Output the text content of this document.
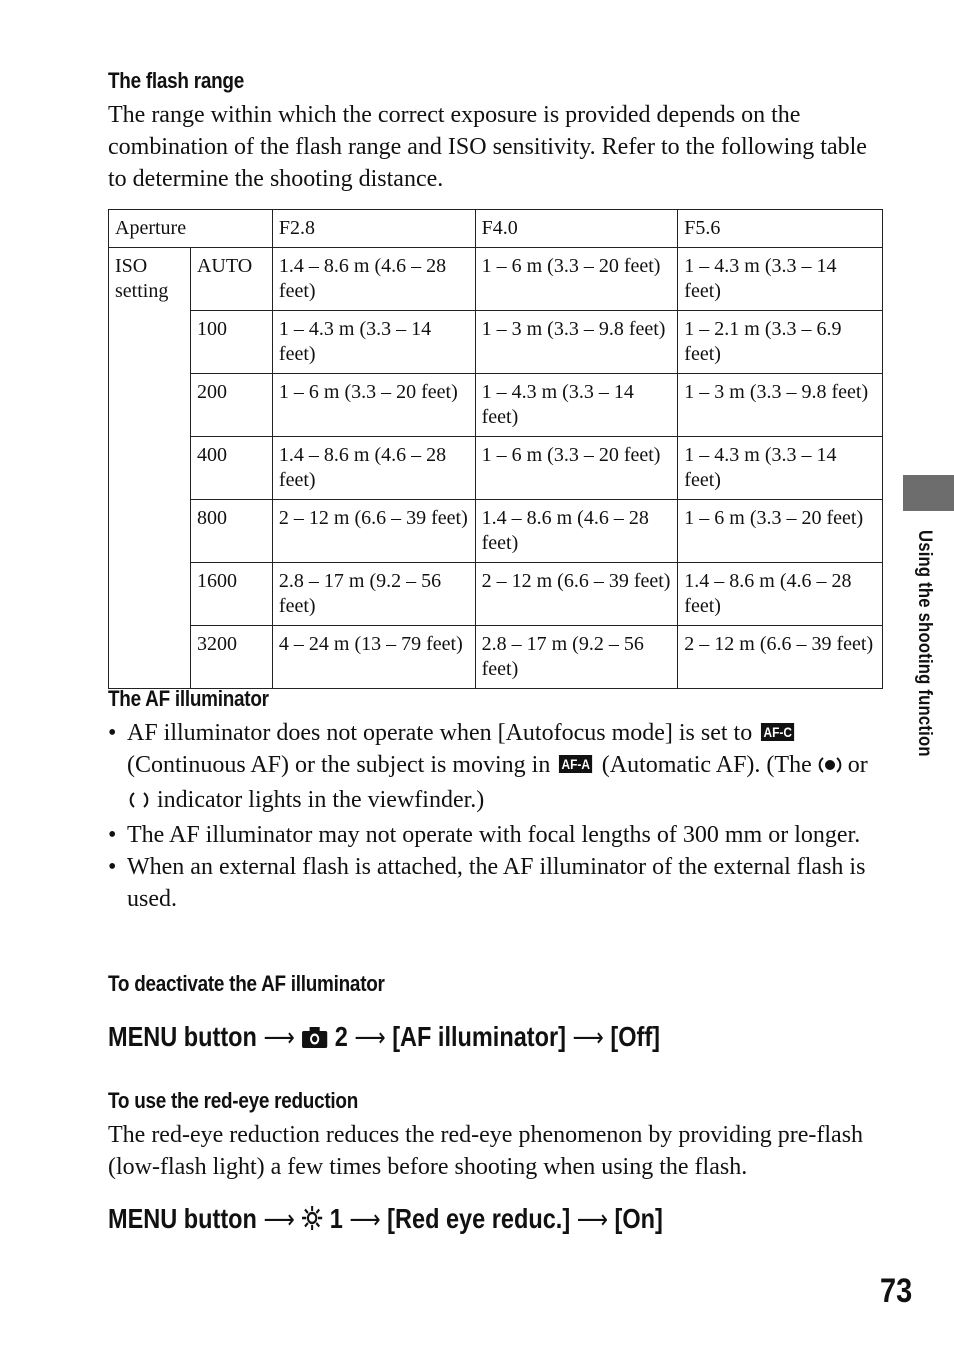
The flash range
The range within which the correct exposure is provided depends on the combination of the flash range and ISO sensitivity. Refer to the following table to determine the shooting distance.
Aperture		F2.8	F4.0	F5.6
ISO setting	AUTO	1.4 – 8.6 m (4.6 – 28 feet)	1 – 6 m (3.3 – 20 feet)	1 – 4.3 m (3.3 – 14 feet)
	100	1 – 4.3 m (3.3 – 14 feet)	1 – 3 m (3.3 – 9.8 feet)	1 – 2.1 m (3.3 – 6.9 feet)
	200	1 – 6 m (3.3 – 20 feet)	1 – 4.3 m (3.3 – 14 feet)	1 – 3 m (3.3 – 9.8 feet)
	400	1.4 – 8.6 m (4.6 – 28 feet)	1 – 6 m (3.3 – 20 feet)	1 – 4.3 m (3.3 – 14 feet)
	800	2 – 12 m (6.6 – 39 feet)	1.4 – 8.6 m (4.6 – 28 feet)	1 – 6 m (3.3 – 20 feet)
	1600	2.8 – 17 m (9.2 – 56 feet)	2 – 12 m (6.6 – 39 feet)	1.4 – 8.6 m (4.6 – 28 feet)
	3200	4 – 24 m (13 – 79 feet)	2.8 – 17 m (9.2 – 56 feet)	2 – 12 m (6.6 – 39 feet)
The AF illuminator
• AF illuminator does not operate when [Autofocus mode] is set to AF-C (Continuous AF) or the subject is moving in AF-A (Automatic AF). (The  or  indicator lights in the viewfinder.)
• The AF illuminator may not operate with focal lengths of 300 mm or longer.
• When an external flash is attached, the AF illuminator of the external flash is used.
To deactivate the AF illuminator
MENU button ⟶ 2 ⟶ [AF illuminator] ⟶ [Off]
To use the red-eye reduction
The red-eye reduction reduces the red-eye phenomenon by providing pre-flash (low-flash light) a few times before shooting when using the flash.
MENU button ⟶ 1 ⟶ [Red eye reduc.] ⟶ [On]
Using the shooting function
73
